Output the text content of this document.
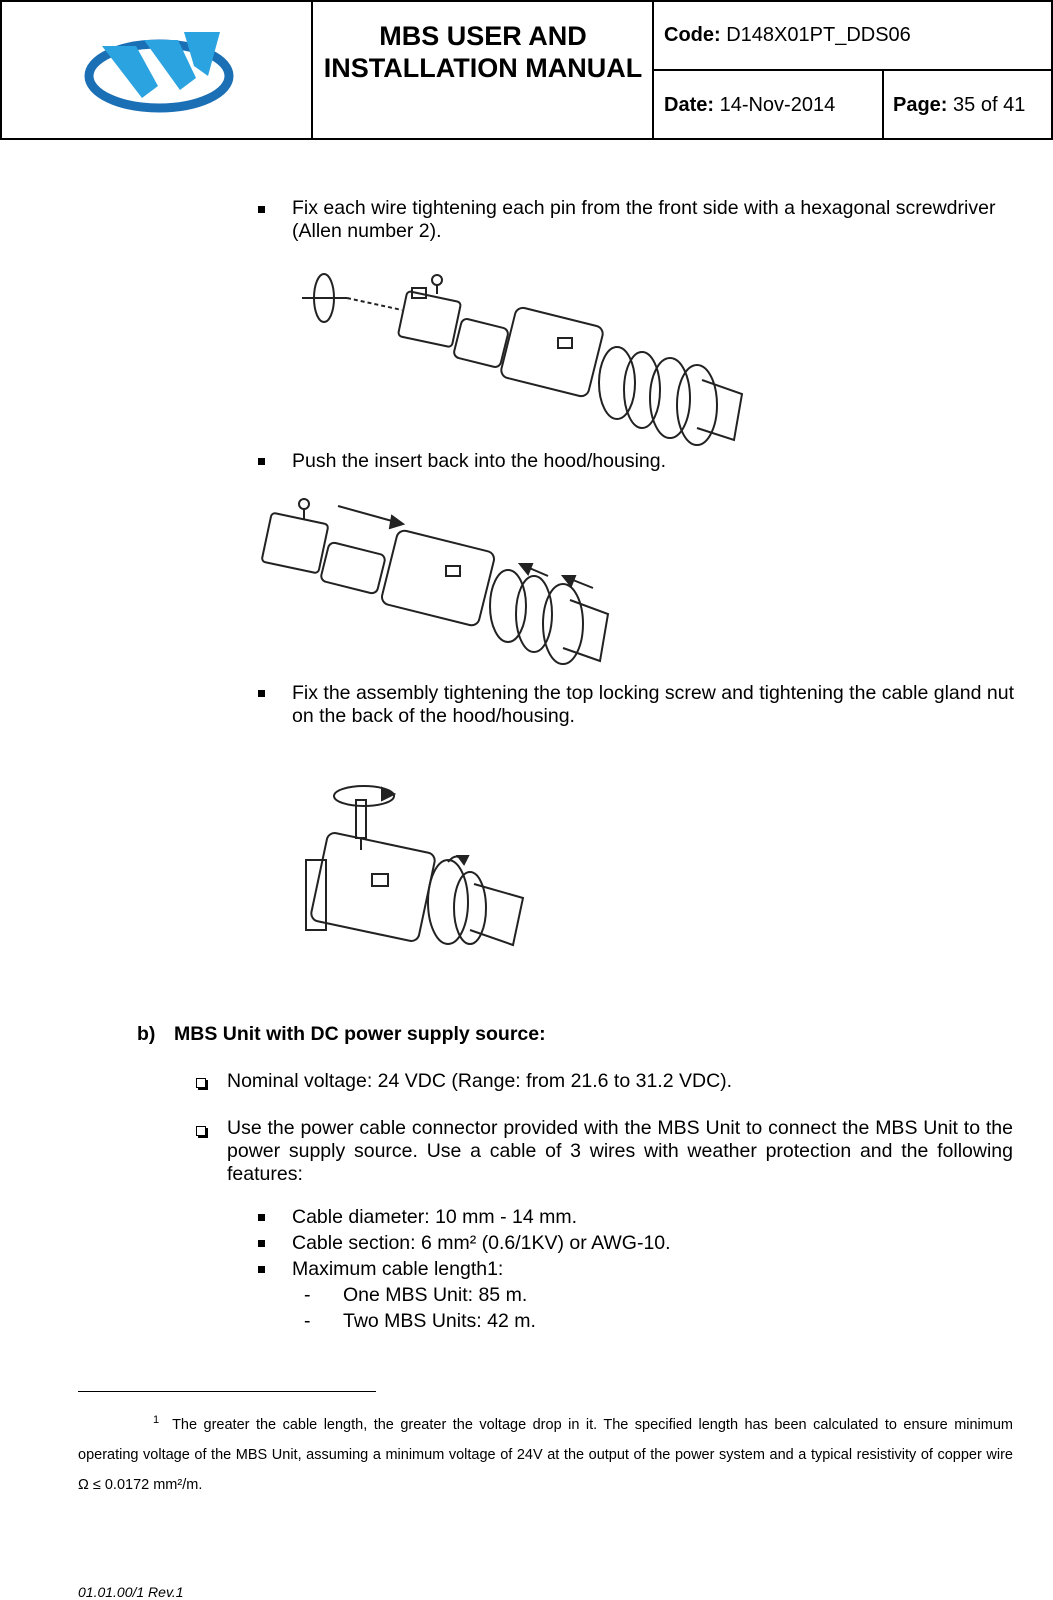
MBS USER AND INSTALLATION MANUAL
Code: D148X01PT_DDS06
Date: 14-Nov-2014	Page: 35 of 41
Fix each wire tightening each pin from the front side with a hexagonal screwdriver (Allen number 2).
Push the insert back into the hood/housing.
Fix the assembly tightening the top locking screw and tightening the cable gland nut on the back of the hood/housing.
b) MBS Unit with DC power supply source:
Nominal voltage: 24 VDC (Range: from 21.6 to 31.2 VDC).
Use the power cable connector provided with the MBS Unit to connect the MBS Unit to the power supply source. Use a cable of 3 wires with weather protection and the following features:
Cable diameter: 10 mm - 14 mm.
Cable section: 6 mm² (0.6/1KV) or AWG-10.
Maximum cable length1:
- One MBS Unit: 85 m.
- Two MBS Units: 42 m.
$^1$ The greater the cable length, the greater the voltage drop in it. The specified length has been calculated to ensure minimum operating voltage of the MBS Unit, assuming a minimum voltage of 24V at the output of the power system and a typical resistivity of copper wire Ω ≤ 0.0172 mm²/m.
01.01.00/1 Rev.1
